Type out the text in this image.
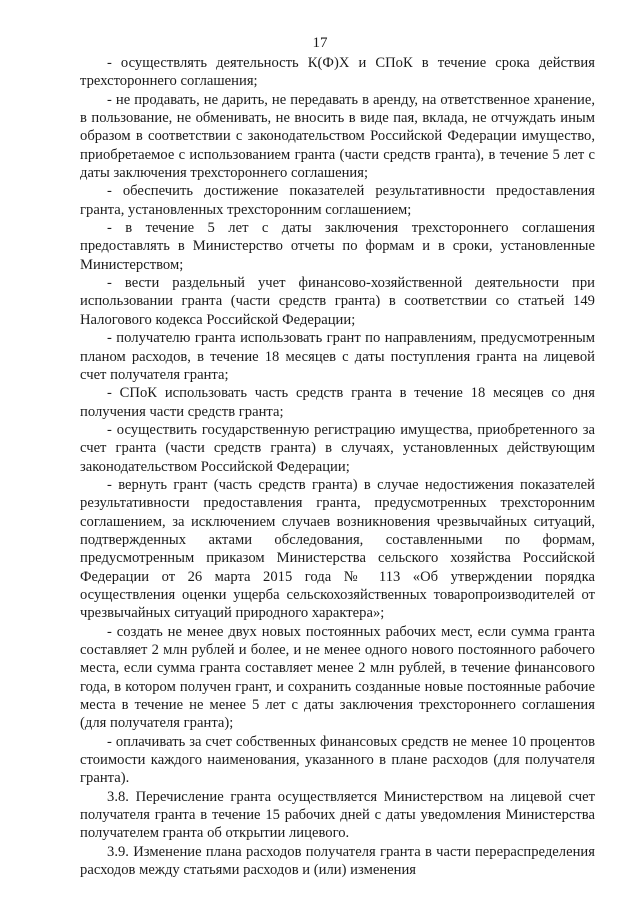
17

- осуществлять деятельность К(Ф)Х и СПоК в течение срока действия трехстороннего соглашения;

- не продавать, не дарить, не передавать в аренду, на ответственное хранение, в пользование, не обменивать, не вносить в виде пая, вклада, не отчуждать иным образом в соответствии с законодательством Российской Федерации имущество, приобретаемое с использованием гранта (части средств гранта), в течение 5 лет с даты заключения трехстороннего соглашения;

- обеспечить достижение показателей результативности предоставления гранта, установленных трехсторонним соглашением;

- в течение 5 лет с даты заключения трехстороннего соглашения предоставлять в Министерство отчеты по формам и в сроки, установленные Министерством;

- вести раздельный учет финансово-хозяйственной деятельности при использовании гранта (части средств гранта) в соответствии со статьей 149 Налогового кодекса Российской Федерации;

- получателю гранта использовать грант по направлениям, предусмотренным планом расходов, в течение 18 месяцев с даты поступления гранта на лицевой счет получателя гранта;

- СПоК использовать часть средств гранта в течение 18 месяцев со дня получения части средств гранта;

- осуществить государственную регистрацию имущества, приобретенного за счет гранта (части средств гранта) в случаях, установленных действующим законодательством Российской Федерации;

- вернуть грант (часть средств гранта) в случае недостижения показателей результативности предоставления гранта, предусмотренных трехсторонним соглашением, за исключением случаев возникновения чрезвычайных ситуаций, подтвержденных актами обследования, составленными по формам, предусмотренным приказом Министерства сельского хозяйства Российской Федерации от 26 марта 2015 года № 113 «Об утверждении порядка осуществления оценки ущерба сельскохозяйственных товаропроизводителей от чрезвычайных ситуаций природного характера»;

- создать не менее двух новых постоянных рабочих мест, если сумма гранта составляет 2 млн рублей и более, и не менее одного нового постоянного рабочего места, если сумма гранта составляет менее 2 млн рублей, в течение финансового года, в котором получен грант, и сохранить созданные новые постоянные рабочие места в течение не менее 5 лет с даты заключения трехстороннего соглашения (для получателя гранта);

- оплачивать за счет собственных финансовых средств не менее 10 процентов стоимости каждого наименования, указанного в плане расходов (для получателя гранта).

3.8. Перечисление гранта осуществляется Министерством на лицевой счет получателя гранта в течение 15 рабочих дней с даты уведомления Министерства получателем гранта об открытии лицевого.

3.9. Изменение плана расходов получателя гранта в части перераспределения расходов между статьями расходов и (или) изменения
